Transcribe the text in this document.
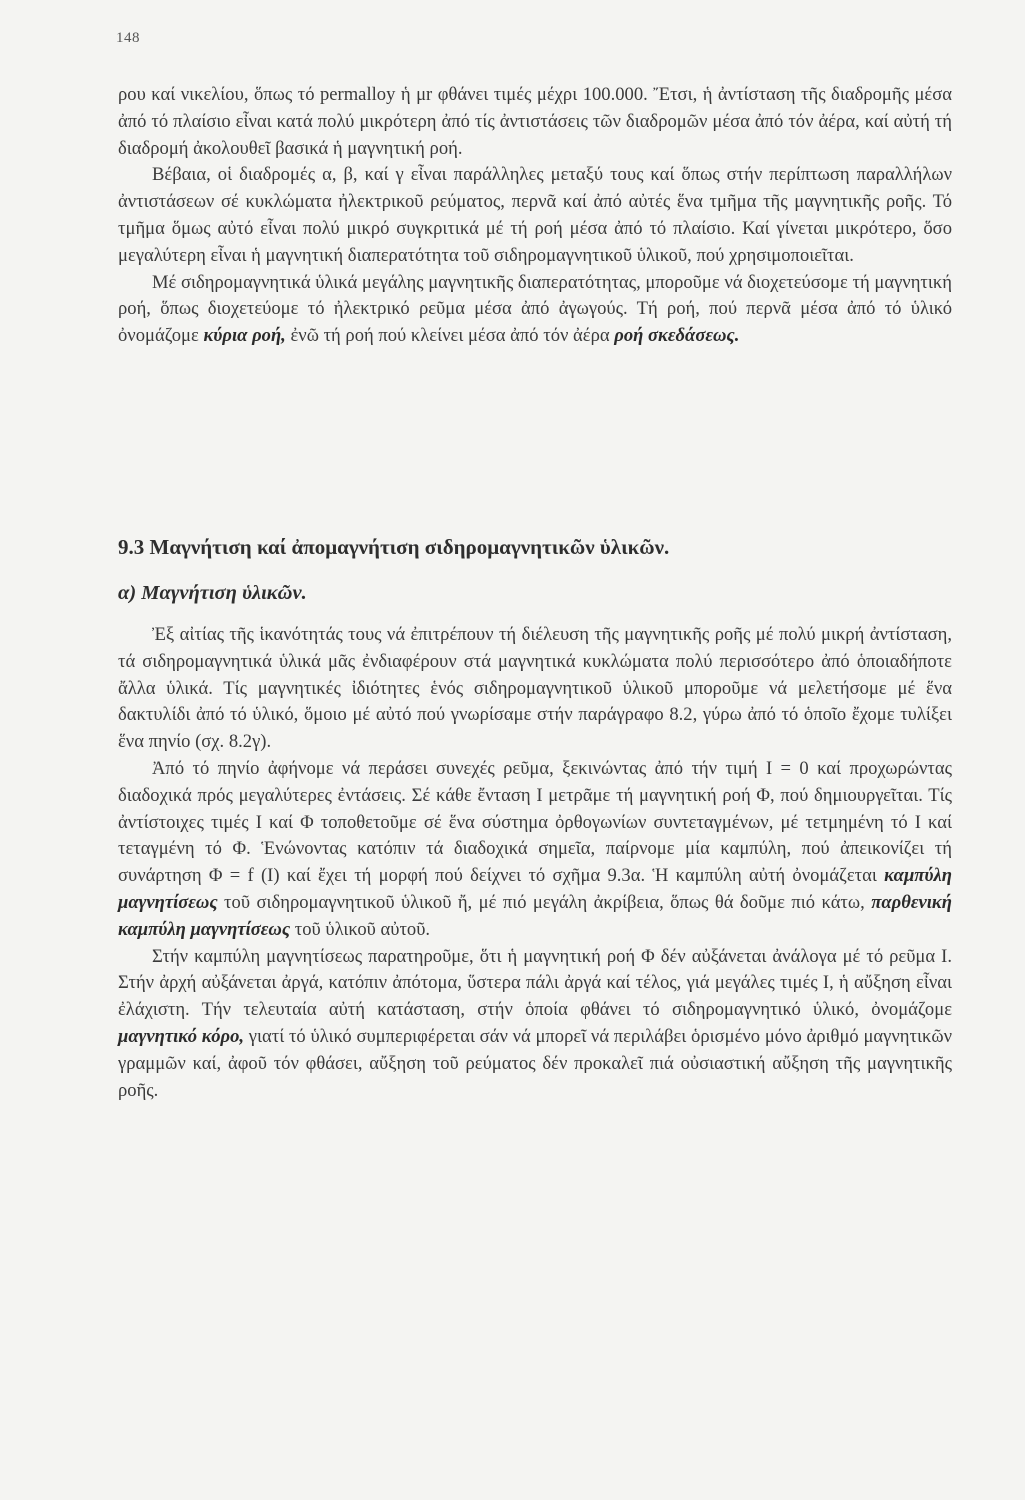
148

ρου καί νικελίου, ὅπως τό permalloy ἡ μr φθάνει τιμές μέχρι 100.000. Ἔτσι, ἡ ἀντίσταση τῆς διαδρομῆς μέσα ἀπό τό πλαίσιο εἶναι κατά πολύ μικρότερη ἀπό τίς ἀντιστάσεις τῶν διαδρομῶν μέσα ἀπό τόν ἀέρα, καί αὐτή τή διαδρομή ἀκολουθεῖ βασικά ἡ μαγνητική ροή.

Βέβαια, οἱ διαδρομές α, β, καί γ εἶναι παράλληλες μεταξύ τους καί ὅπως στήν περίπτωση παραλλήλων ἀντιστάσεων σέ κυκλώματα ἠλεκτρικοῦ ρεύματος, περνᾶ καί ἀπό αὐτές ἕνα τμῆμα τῆς μαγνητικῆς ροῆς. Τό τμῆμα ὅμως αὐτό εἶναι πολύ μικρό συγκριτικά μέ τή ροή μέσα ἀπό τό πλαίσιο. Καί γίνεται μικρότερο, ὅσο μεγαλύτερη εἶναι ἡ μαγνητική διαπερατότητα τοῦ σιδηρομαγνητικοῦ ὑλικοῦ, πού χρησιμοποιεῖται.

Μέ σιδηρομαγνητικά ὑλικά μεγάλης μαγνητικῆς διαπερατότητας, μποροῦμε νά διοχετεύσομε τή μαγνητική ροή, ὅπως διοχετεύομε τό ἠλεκτρικό ρεῦμα μέσα ἀπό ἀγωγούς. Τή ροή, πού περνᾶ μέσα ἀπό τό ὑλικό ὀνομάζομε κύρια ροή, ἐνῶ τή ροή πού κλείνει μέσα ἀπό τόν ἀέρα ροή σκεδάσεως.

9.3 Μαγνήτιση καί ἀπομαγνήτιση σιδηρομαγνητικῶν ὑλικῶν.
α) Μαγνήτιση ὑλικῶν.

Ἐξ αἰτίας τῆς ἱκανότητάς τους νά ἐπιτρέπουν τή διέλευση τῆς μαγνητικῆς ροῆς μέ πολύ μικρή ἀντίσταση, τά σιδηρομαγνητικά ὑλικά μᾶς ἐνδιαφέρουν στά μαγνητικά κυκλώματα πολύ περισσότερο ἀπό ὁποιαδήποτε ἄλλα ὑλικά. Τίς μαγνητικές ἰδιότητες ἑνός σιδηρομαγνητικοῦ ὑλικοῦ μποροῦμε νά μελετήσομε μέ ἕνα δακτυλίδι ἀπό τό ὑλικό, ὅμοιο μέ αὐτό πού γνωρίσαμε στήν παράγραφο 8.2, γύρω ἀπό τό ὁποῖο ἔχομε τυλίξει ἕνα πηνίο (σχ. 8.2γ).

Ἀπό τό πηνίο ἀφήνομε νά περάσει συνεχές ρεῦμα, ξεκινώντας ἀπό τήν τιμή I = 0 καί προχωρώντας διαδοχικά πρός μεγαλύτερες ἐντάσεις. Σέ κάθε ἔνταση I μετρᾶμε τή μαγνητική ροή Φ, πού δημιουργεῖται. Τίς ἀντίστοιχες τιμές I καί Φ τοποθετοῦμε σέ ἕνα σύστημα ὀρθογωνίων συντεταγμένων, μέ τετμημένη τό I καί τεταγμένη τό Φ. Ἑνώνοντας κατόπιν τά διαδοχικά σημεῖα, παίρνομε μία καμπύλη, πού ἀπεικονίζει τή συνάρτηση Φ = f (I) καί ἔχει τή μορφή πού δείχνει τό σχῆμα 9.3α. Ἡ καμπύλη αὐτή ὀνομάζεται καμπύλη μαγνητίσεως τοῦ σιδηρομαγνητικοῦ ὑλικοῦ ἤ, μέ πιό μεγάλη ἀκρίβεια, ὅπως θά δοῦμε πιό κάτω, παρθενική καμπύλη μαγνητίσεως τοῦ ὑλικοῦ αὐτοῦ.

Στήν καμπύλη μαγνητίσεως παρατηροῦμε, ὅτι ἡ μαγνητική ροή Φ δέν αὐξάνεται ἀνάλογα μέ τό ρεῦμα I. Στήν ἀρχή αὐξάνεται ἀργά, κατόπιν ἀπότομα, ὕστερα πάλι ἀργά καί τέλος, γιά μεγάλες τιμές I, ἡ αὔξηση εἶναι ἐλάχιστη. Τήν τελευταία αὐτή κατάσταση, στήν ὁποία φθάνει τό σιδηρομαγνητικό ὑλικό, ὀνομάζομε μαγνητικό κόρο, γιατί τό ὑλικό συμπεριφέρεται σάν νά μπορεῖ νά περιλάβει ὁρισμένο μόνο ἀριθμό μαγνητικῶν γραμμῶν καί, ἀφοῦ τόν φθάσει, αὔξηση τοῦ ρεύματος δέν προκαλεῖ πιά οὐσιαστική αὔξηση τῆς μαγνητικῆς ροῆς.
